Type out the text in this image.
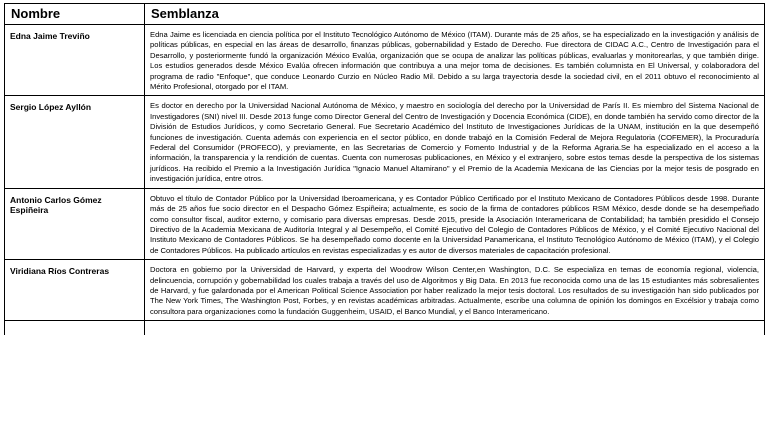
Nombre	Semblanza
Edna Jaime Treviño	Edna Jaime es licenciada en ciencia política por el Instituto Tecnológico Autónomo de México (ITAM). Durante más de 25 años, se ha especializado en la investigación y análisis de políticas públicas, en especial en las áreas de desarrollo, finanzas públicas, gobernabilidad y Estado de Derecho. Fue directora de CIDAC A.C., Centro de Investigación para el Desarrollo, y posteriormente fundó la organización México Evalúa, organización que se ocupa de analizar las políticas públicas, evaluarlas y monitorearlas, y que también dirige. Los estudios generados desde México Evalúa ofrecen información que contribuya a una mejor toma de decisiones. Es también columnista en El Universal, y colaboradora del programa de radio "Enfoque", que conduce Leonardo Curzio en Núcleo Radio Mil. Debido a su larga trayectoria desde la sociedad civil, en el 2011 obtuvo el reconocimiento al Mérito Profesional, otorgado por el ITAM.
Sergio López Ayllón	Es doctor en derecho por la Universidad Nacional Autónoma de México, y maestro en sociología del derecho por la Universidad de París II. Es miembro del Sistema Nacional de Investigadores (SNI) nivel III. Desde 2013 funge como Director General del Centro de Investigación y Docencia Económica (CIDE), en donde también ha servido como director de la División de Estudios Jurídicos, y como Secretario General. Fue Secretario Académico del Instituto de Investigaciones Jurídicas de la UNAM, institución en la que desempeñó funciones de investigación. Cuenta además con experiencia en el sector público, en donde trabajó en la Comisión Federal de Mejora Regulatoria (COFEMER), la Procuraduría Federal del Consumidor (PROFECO), y previamente, en las Secretarias de Comercio y Fomento Industrial y de la Reforma Agraria.Se ha especializado en el acceso a la información, la transparencia y la rendición de cuentas. Cuenta con numerosas publicaciones, en México y el extranjero, sobre estos temas desde la perspectiva de los sistemas jurídicos. Ha recibido el Premio a la Investigación Jurídica "Ignacio Manuel Altamirano" y el Premio de la Academia Mexicana de las Ciencias por la mejor tesis de posgrado en investigación jurídica, entre otros.
Antonio Carlos Gómez Espiñeira	Obtuvo el título de Contador Público por la Universidad Iberoamericana, y es Contador Público Certificado por el Instituto Mexicano de Contadores Públicos desde 1998. Durante más de 25 años fue socio director en el Despacho Gómez Espiñeira; actualmente, es socio de la firma de contadores públicos RSM México, desde donde se ha desempeñado como consultor fiscal, auditor externo, y comisario para diversas empresas. Desde 2015, preside la Asociación Interamericana de Contabilidad; ha también presidido el Consejo Directivo de la Academia Mexicana de Auditoría Integral y al Desempeño, el Comité Ejecutivo del Colegio de Contadores Públicos de México, y el Comité Ejecutivo Nacional del Instituto Mexicano de Contadores Públicos. Se ha desempeñado como docente en la Universidad Panamericana, el Instituto Tecnológico Autónomo de México (ITAM), y el Colegio de Contadores Públicos. Ha publicado artículos en revistas especializadas y es autor de diversos materiales de capacitación profesional.
Viridiana Ríos Contreras	Doctora en gobierno por la Universidad de Harvard, y experta del Woodrow Wilson Center,en Washington, D.C. Se especializa en temas de economía regional, violencia, delincuencia, corrupción y gobernabilidad los cuales trabaja a través del uso de Algoritmos y Big Data. En 2013 fue reconocida como una de las 15 estudiantes más sobresalientes de Harvard, y fue galardonada por el American Political Science Association por haber realizado la mejor tesis doctoral. Los resultados de su investigación han sido publicados por The New York Times, The Washington Post, Forbes, y en revistas académicas arbitradas. Actualmente, escribe una columna de opinión los domingos en Excélsior y trabaja como consultora para organizaciones como la fundación Guggenheim, USAID, el Banco Mundial, y el Banco Interamericano.
